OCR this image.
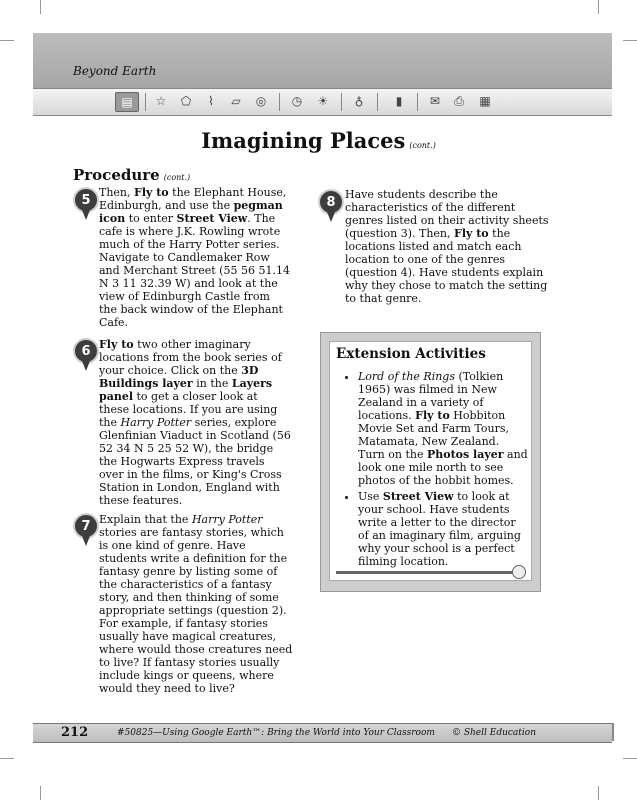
Beyond Earth
▤	☆	⬠	⌇	▱	◎	◷	☀	♁	▮	✉	⎙	▦
Imagining Places (cont.)
Procedure (cont.)
5 Then, Fly to the Elephant House, Edinburgh, and use the pegman icon to enter Street View. The cafe is where J.K. Rowling wrote much of the Harry Potter series. Navigate to Candlemaker Row and Merchant Street (55 56 51.14 N 3 11 32.39 W) and look at the view of Edinburgh Castle from the back window of the Elephant Cafe.
6 Fly to two other imaginary locations from the book series of your choice. Click on the 3D Buildings layer in the Layers panel to get a closer look at these locations. If you are using the Harry Potter series, explore Glenfinian Viaduct in Scotland (56 52 34 N 5 25 52 W), the bridge the Hogwarts Express travels over in the films, or King's Cross Station in London, England with these features.
7 Explain that the Harry Potter stories are fantasy stories, which is one kind of genre. Have students write a definition for the fantasy genre by listing some of the characteristics of a fantasy story, and then thinking of some appropriate settings (question 2). For example, if fantasy stories usually have magical creatures, where would those creatures need to live? If fantasy stories usually include kings or queens, where would they need to live?
8 Have students describe the characteristics of the different genres listed on their activity sheets (question 3). Then, Fly to the locations listed and match each location to one of the genres (question 4). Have students explain why they chose to match the setting to that genre.
Extension Activities
• Lord of the Rings (Tolkien 1965) was filmed in New Zealand in a variety of locations. Fly to Hobbiton Movie Set and Farm Tours, Matamata, New Zealand. Turn on the Photos layer and look one mile north to see photos of the hobbit homes.
• Use Street View to look at your school. Have students write a letter to the director of an imaginary film, arguing why your school is a perfect filming location.
212	#50825—Using Google Earth™: Bring the World into Your Classroom © Shell Education
